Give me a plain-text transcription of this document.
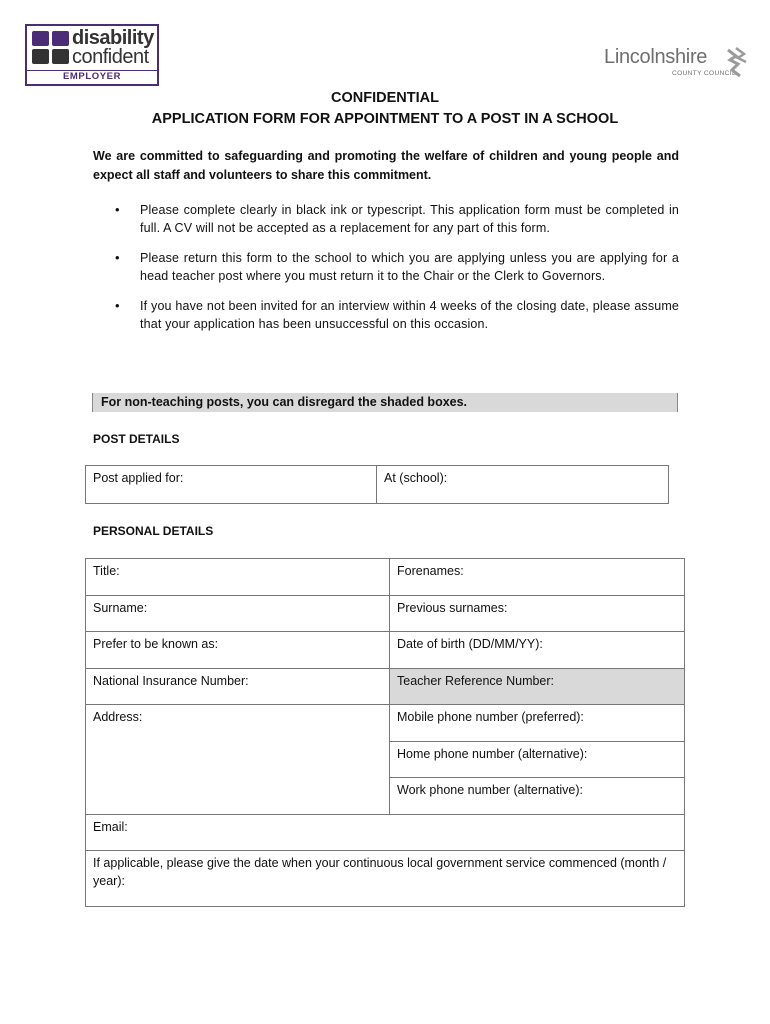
disability
confident
EMPLOYER
Lincolnshire
COUNTY COUNCIL
CONFIDENTIAL
APPLICATION FORM FOR APPOINTMENT TO A POST IN A SCHOOL

We are committed to safeguarding and promoting the welfare of children and young people and expect all staff and volunteers to share this commitment.

• Please complete clearly in black ink or typescript. This application form must be completed in full. A CV will not be accepted as a replacement for any part of this form.
• Please return this form to the school to which you are applying unless you are applying for a head teacher post where you must return it to the Chair or the Clerk to Governors.
• If you have not been invited for an interview within 4 weeks of the closing date, please assume that your application has been unsuccessful on this occasion.
For non-teaching posts, you can disregard the shaded boxes.
POST DETAILS
Post applied for:	At (school):
PERSONAL DETAILS
Title:	Forenames:
Surname:	Previous surnames:
Prefer to be known as:	Date of birth (DD/MM/YY):
National Insurance Number:	Teacher Reference Number:
Address:	Mobile phone number (preferred):
	Home phone number (alternative):
	Work phone number (alternative):
Email:	
If applicable, please give the date when your continuous local government service commenced (month / year):	
